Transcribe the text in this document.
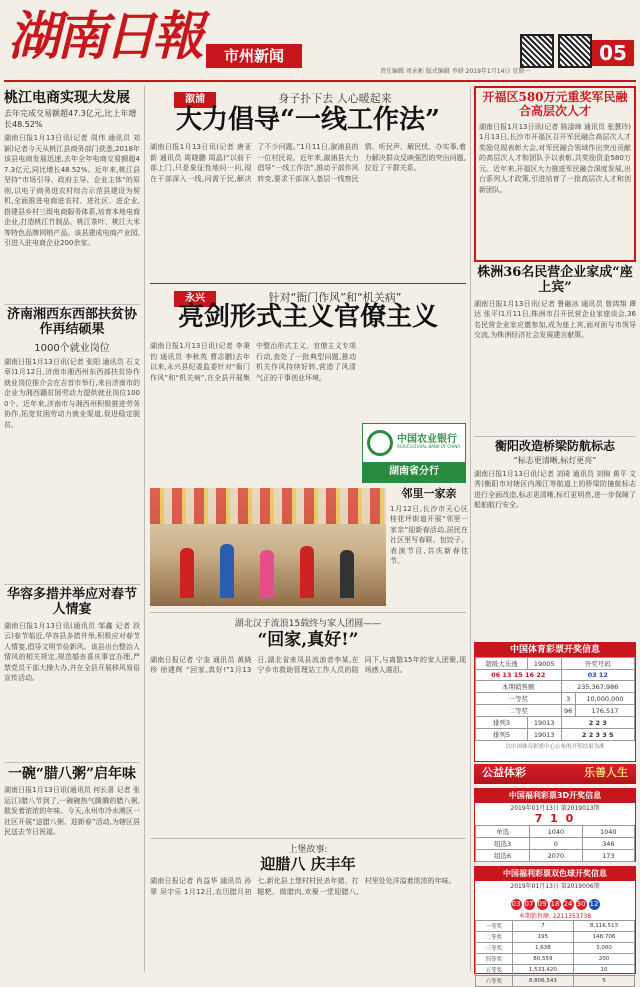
湖南日報	市州新闻	05
责任编辑 周永彬 版式编辑 李妍 2019年1月14日 星期一
桃江电商实现大发展
去年完成交易额超47.3亿元,比上年增长48.52%
湖南日报1月13日讯(记者 周伟 通讯员 刘颖)记者今天从桃江县商务部门获悉,2018年该县电商发展迅速,去年全年电商交易额超47.3亿元,同比增长48.52%。近年来,桃江县坚持“市场引导、政府主导、企业主体”的原则,以电子商务进农村综合示范县建设为契机,全面推进电商进农村、进社区、进企业,搭建县乡村三级电商服务体系,培育本地电商企业,打造桃江竹制品、桃江茶叶、桃江大米等特色品牌网销产品。该县建成电商产业园,引进入驻电商企业200余家。
济南湘西东西部扶贫协作再结硕果
1000个就业岗位
湖南日报1月13日讯(记者 张阳 通讯员 石文章)1月12日,济南市湘西州东西部扶贫协作就业岗位推介会在吉首市举行,来自济南市的企业为湘西籍贫困劳动力提供就业岗位1000个。近年来,济南市与湘西州积极推进劳务协作,拓宽贫困劳动力就业渠道,促进稳定脱贫。
华容多措并举应对春节人情宴
湖南日报1月13日讯(通讯员 邹鑫 记者 段云)春节临近,华容县多措并举,积极应对春节人情宴,倡导文明节俭新风。该县出台整治人情风的相关规定,规范婚丧喜庆事宜办理,严禁党员干部大操大办,并在全县开展移风易俗宣传活动。
一碗“腊八粥”启年味
湖南日报1月13日讯(通讯员 何长喜 记者 张运江)腊八节到了,一碗碗热气腾腾的腊八粥,散发着浓浓的年味。今天,永州市冷水滩区一社区开展“送腊八粥、迎新春”活动,为辖区居民送去节日祝福。
溆浦	身子扑下去 人心暖起来
大力倡导“一线工作法”
湖南日报1月13日讯(记者 唐亚新 通讯员 周晓鹏 周晶)“以前干部上门,只是象征性地问一问,现在干部深入一线,问需于民,解决了不少问题。”1月11日,溆浦县的一位村民说。近年来,溆浦县大力倡导“一线工作法”,推动干部作风转变,要求干部深入基层一线察民情、听民声、解民忧、办实事,着力解决群众反映强烈的突出问题,拉近了干群关系。
永兴	针对“衙门作风”和“机关病”
亮剑形式主义官僚主义
湖南日报1月13日讯(记者 李秉钧 通讯员 李秋英 曹志鹏)去年以来,永兴县纪委监委针对“衙门作风”和“机关病”,在全县开展集中整治形式主义、官僚主义专项行动,查处了一批典型问题,推动机关作风持续好转,营造了风清气正的干事创业环境。
中国农业银行
AGRICULTURAL BANK OF CHINA
湖南省分行
邻里一家亲
1月12日,长沙市天心区桂花坪街道开展“邻里一家亲”迎新春活动,居民在社区里写春联、包饺子、表演节目,共庆新春佳节。
湖北汉子流浪15载终与家人团圆——
“回家,真好!”
湖南日报记者 宁奎 通讯员 黄晓珍 徐建辉 “回家,真好!”1月13日,湖北省来凤县流浪者李某,在宁乡市救助管理站工作人员的陪同下,与离散15年的家人团聚,现场感人落泪。
上堡故事:
迎腊八 庆丰年
湖南日报记者 肖益华 通讯员 孙翠 吴宇乐 1月12日,农历腊月初七,新化县上堡村村民杀年猪、打糍粑、做腊肉,欢聚一堂迎腊八,村里处处洋溢着浓浓的年味。
开福区580万元重奖军民融合高层次人才
湖南日报1月13日讯(记者 陈淦璋 通讯员 张慧玲)1月13日,长沙市开福区召开军民融合高层次人才奖励兑现表彰大会,对军民融合领域作出突出贡献的高层次人才和团队予以表彰,共奖励资金580万元。近年来,开福区大力推进军民融合深度发展,出台系列人才政策,引进培育了一批高层次人才和创新团队。
株洲36名民营企业家成“座上宾”
湖南日报1月13日讯(记者 鲁融冰 通讯员 曾鸿翔 谭达 张平)1月11日,株洲市召开民营企业家座谈会,36名民营企业家应邀参加,成为座上宾,面对面与市领导交流,为株洲经济社会发展建言献策。
衡阳改造桥梁防航标志
“标志更清晰,标灯更亮”
湖南日报1月13日讯(记者 刘琦 通讯员 刘锦 黄平 文秀)衡阳市对辖区内湘江等航道上的桥梁防撞航标志进行全面改造,标志更清晰,标灯更明亮,进一步保障了船舶航行安全。
中国体育彩票开奖信息
超级大乐透	19005	开奖号码	
06 13 15 16 22		03 12	
本期销售额		235,367,986	
一等奖		3	10,000,000
二等奖		96	176,517
排列3	19013	2 2 3	
排列5	19013	2 2 3 3 5	
以中国体育彩票中心公布的开奖结果为准
公益体彩	乐善人生
中国福利彩票3D开奖信息
2019年01月13日 第2019013期
7 1 0
单选	1040	1040
组选3	0	346
组选6	2070	173
中国福利彩票双色球开奖信息
2019年01月13日 第2019006期
03 07 09 18 24 30 12
本期销售额: 1211353738
一等奖	7	8,116,513
二等奖	195	148,706
三等奖	1,638	3,000
四等奖	80,559	200
五等奖	1,533,420	10
六等奖	8,806,543	5
